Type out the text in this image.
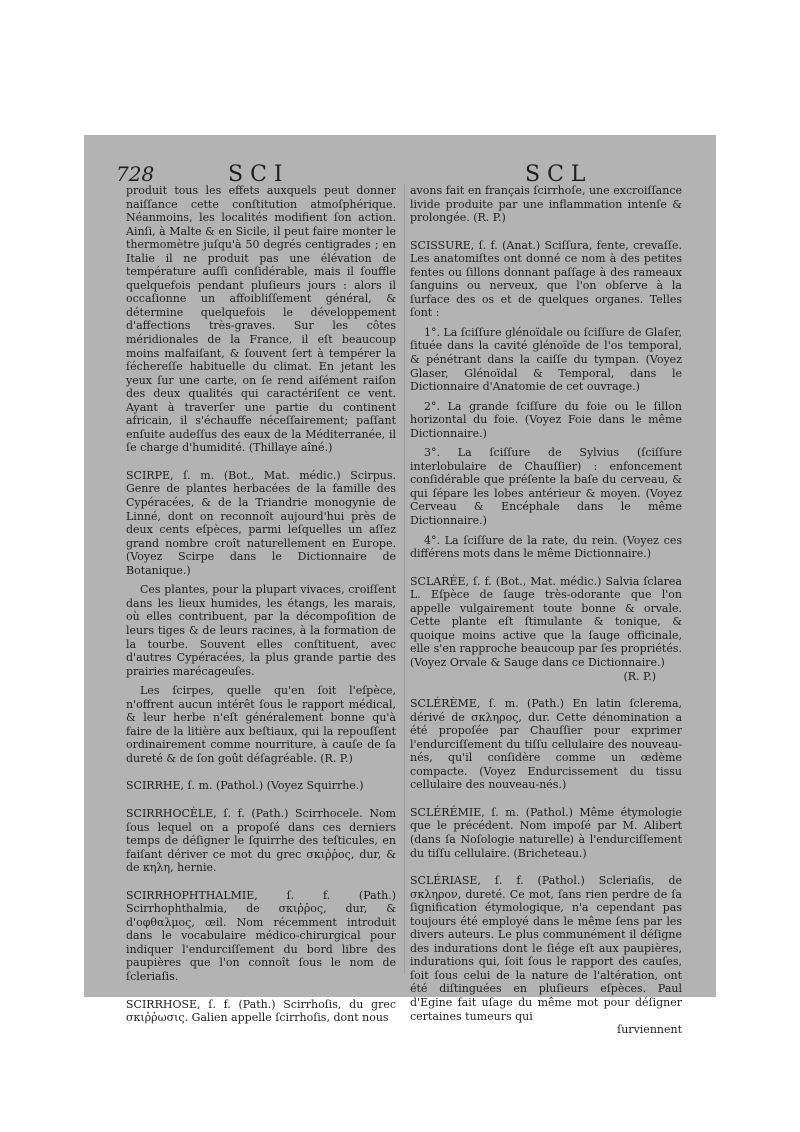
728	SCI	SCL

produit tous les effets auxquels peut donner naiſſance cette conſtitution atmoſphérique. Néanmoins, les localités modifient ſon action. Ainſi, à Malte & en Sicile, il peut faire monter le thermomètre juſqu'à 50 degrés centigrades ; en Italie il ne produit pas une élévation de température auſſi conſidérable, mais il ſouffle quelquefois pendant pluſieurs jours : alors il occaſionne un affoibliſſement général, & détermine quelquefois le développement d'affections très-graves. Sur les côtes méridionales de la France, il eſt beaucoup moins malfaiſant, & ſouvent ſert à tempérer la ſéchereſſe habituelle du climat. En jetant les yeux ſur une carte, on ſe rend aiſément raiſon des deux qualités qui caractériſent ce vent. Ayant à traverſer une partie du continent africain, il s'échauffe néceſſairement; paſſant enſuite audeſſus des eaux de la Méditerranée, il ſe charge d'humidité. (Thillaye aîné.)

SCIRPE, ſ. m. (Bot., Mat. médic.) Scirpus. Genre de plantes herbacées de la famille des Cypéracées, & de la Triandrie monogynie de Linné, dont on reconnoît aujourd'hui près de deux cents eſpèces, parmi leſquelles un aſſez grand nombre croît naturellement en Europe. (Voyez Scirpe dans le Dictionnaire de Botanique.)

Ces plantes, pour la plupart vivaces, croiſſent dans les lieux humides, les étangs, les marais, où elles contribuent, par la décompoſition de leurs tiges & de leurs racines, à la formation de la tourbe. Souvent elles conſtituent, avec d'autres Cypéracées, la plus grande partie des prairies marécageuſes.

Les ſcirpes, quelle qu'en ſoit l'eſpèce, n'offrent aucun intérêt ſous le rapport médical, & leur herbe n'eſt généralement bonne qu'à faire de la litière aux beſtiaux, qui la repouſſent ordinairement comme nourriture, à cauſe de ſa dureté & de ſon goût déſagréable. (R. P.)

SCIRRHE, ſ. m. (Pathol.) (Voyez Squirrhe.)

SCIRRHOCÈLE, ſ. f. (Path.) Scirrhocele. Nom ſous lequel on a propoſé dans ces derniers temps de déſigner le ſquirrhe des teſticules, en faiſant dériver ce mot du grec σκιῤῥος, dur, & de κηλη, hernie.

SCIRRHOPHTHALMIE, ſ. f. (Path.) Scirrhophthalmia, de σκιῤῥος, dur, & d'οφθαλμος, œil. Nom récemment introduit dans le vocabulaire médico-chirurgical pour indiquer l'endurciſſement du bord libre des paupières que l'on connoît ſous le nom de ſcleriaſis.

SCIRRHOSE, ſ. f. (Path.) Scirrhoſis, du grec σκιῤῥωσις. Galien appelle ſcirrhoſis, dont nous

avons fait en français ſcirrhoſe, une excroiſſance livide produite par une inflammation intenſe & prolongée. (R. P.)

SCISSURE, ſ. f. (Anat.) Sciſſura, fente, crevaſſe. Les anatomiſtes ont donné ce nom à des petites fentes ou ſillons donnant paſſage à des rameaux ſanguins ou nerveux, que l'on obſerve à la ſurface des os et de quelques organes. Telles ſont :

1°. La ſciſſure glénoïdale ou ſciſſure de Glaſer, ſituée dans la cavité glénoïde de l'os temporal, & pénétrant dans la caiſſe du tympan. (Voyez Glaser, Glénoïdal & Temporal, dans le Dictionnaire d'Anatomie de cet ouvrage.)

2°. La grande ſciſſure du foie ou le ſillon horizontal du foie. (Voyez Foie dans le même Dictionnaire.)

3°. La ſciſſure de Sylvius (ſciſſure interlobulaire de Chauſſier) : enfoncement conſidérable que préſente la baſe du cerveau, & qui ſépare les lobes antérieur & moyen. (Voyez Cerveau & Encéphale dans le même Dictionnaire.)

4°. La ſciſſure de la rate, du rein. (Voyez ces différens mots dans le même Dictionnaire.)

SCLARÉE, ſ. f. (Bot., Mat. médic.) Salvia ſclarea L. Eſpèce de ſauge très-odorante que l'on appelle vulgairement toute bonne & orvale. Cette plante eſt ſtimulante & tonique, & quoique moins active que la ſauge officinale, elle s'en rapproche beaucoup par ſes propriétés. (Voyez Orvale & Sauge dans ce Dictionnaire.)

(R. P.)

SCLÉRÈME, ſ. m. (Path.) En latin ſclerema, dérivé de σκληρος, dur. Cette dénomination a été propoſée par Chauſſier pour exprimer l'endurciſſement du tiſſu cellulaire des nouveau-nés, qu'il conſidère comme un œdème compacte. (Voyez Endurcissement du tissu cellulaire des nouveau-nés.)

SCLÉRÉMIE, ſ. m. (Pathol.) Même étymologie que le précédent. Nom impoſé par M. Alibert (dans ſa Noſologie naturelle) à l'endurciſſement du tiſſu cellulaire. (Bricheteau.)

SCLÉRIASE, ſ. f. (Pathol.) Scleriaſis, de σκληρον, dureté. Ce mot, ſans rien perdre de ſa ſignification étymologique, n'a cependant pas toujours été employé dans le même ſens par les divers auteurs. Le plus communément il déſigne des indurations dont le ſiége eſt aux paupières, indurations qui, ſoit ſous le rapport des cauſes, ſoit ſous celui de la nature de l'altération, ont été diſtinguées en pluſieurs eſpèces. Paul d'Egine fait uſage du même mot pour déſigner certaines tumeurs qui

ſurviennent
